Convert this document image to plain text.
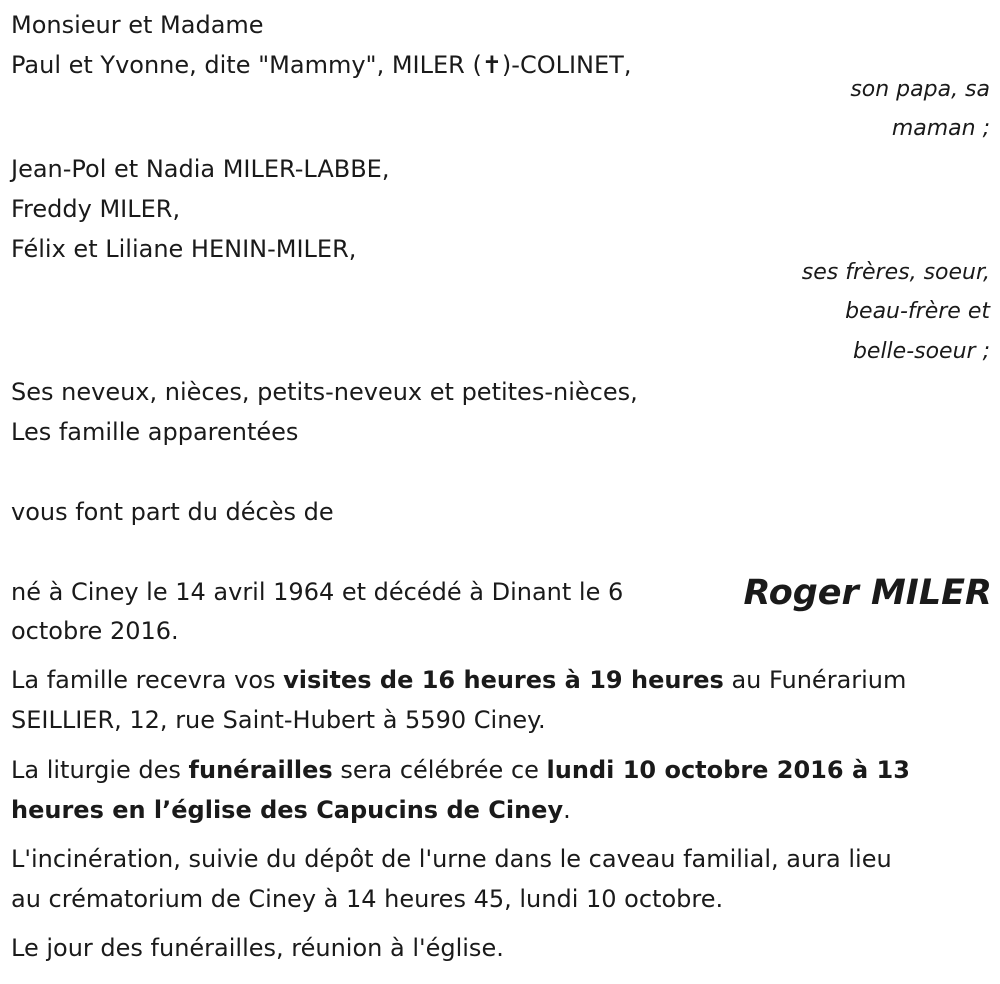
Monsieur et Madame
Paul et Yvonne, dite "Mammy", MILER (✝)-COLINET,
son papa, sa
maman ;
Jean-Pol et Nadia MILER-LABBE,
Freddy MILER,
Félix et Liliane HENIN-MILER,
ses frères, soeur,
beau-frère et
belle-soeur ;
Ses neveux, nièces, petits-neveux et petites-nièces,
Les famille apparentées
vous font part du décès de
Roger MILER
né à Ciney le 14 avril 1964 et décédé à Dinant le 6
octobre 2016.
La famille recevra vos visites de 16 heures à 19 heures au Funérarium
SEILLIER, 12, rue Saint-Hubert à 5590 Ciney.
La liturgie des funérailles sera célébrée ce lundi 10 octobre 2016 à 13
heures en l’église des Capucins de Ciney.
L'incinération, suivie du dépôt de l'urne dans le caveau familial, aura lieu
au crématorium de Ciney à 14 heures 45, lundi 10 octobre.
Le jour des funérailles, réunion à l'église.
